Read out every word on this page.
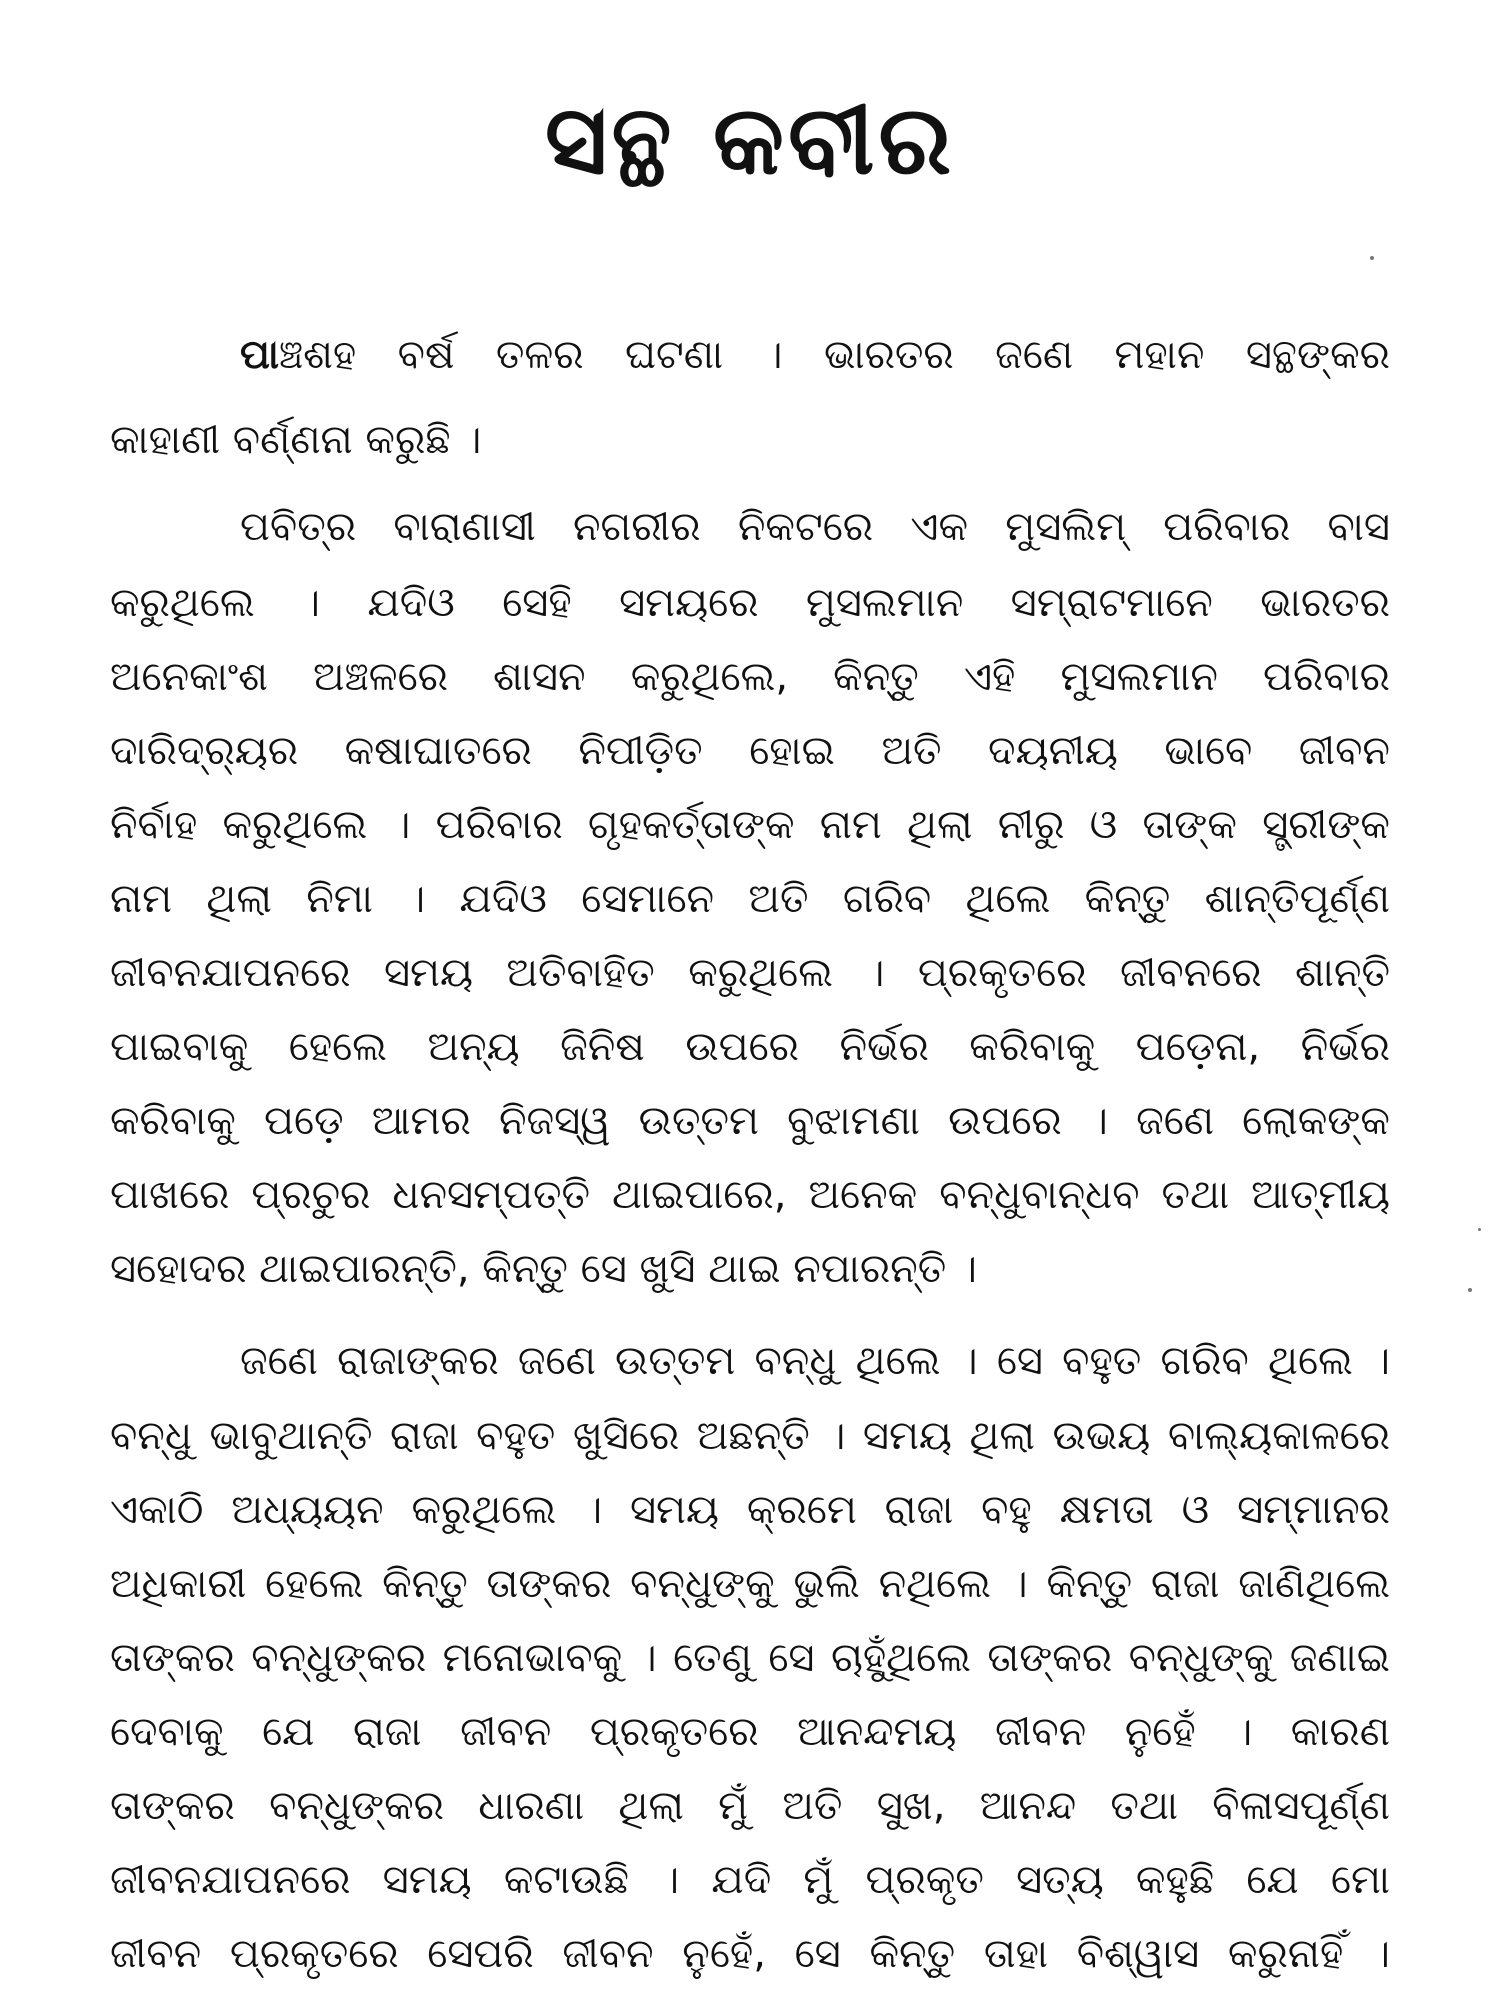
ସନ୍ଥ କବୀର
ପାଞ୍ଚଶହ ବର୍ଷ ତଳର ଘଟଣା । ଭାରତର ଜଣେ ମହାନ ସନ୍ଥଙ୍କର
କାହାଣୀ ବର୍ଣ୍ଣନା କରୁଛି ।
ପବିତ୍ର ବାରାଣାସୀ ନଗରୀର ନିକଟରେ ଏକ ମୁସଲିମ୍ ପରିବାର ବାସ
କରୁଥିଲେ । ଯଦିଓ ସେହି ସମୟରେ ମୁସଲମାନ ସମ୍ରାଟମାନେ ଭାରତର
ଅନେକାଂଶ ଅଞ୍ଚଳରେ ଶାସନ କରୁଥିଲେ, କିନ୍ତୁ ଏହି ମୁସଲମାନ ପରିବାର
ଦାରିଦ୍ର୍ୟର କଷାଘାତରେ ନିପୀଡ଼ିତ ହୋଇ ଅତି ଦୟନୀୟ ଭାବେ ଜୀବନ
ନିର୍ବାହ କରୁଥିଲେ । ପରିବାର ଗୃହକର୍ତ୍ତାଙ୍କ ନାମ ଥିଲା ନୀରୁ ଓ ତାଙ୍କ ସ୍ତ୍ରୀଙ୍କ
ନାମ ଥିଲା ନିମା । ଯଦିଓ ସେମାନେ ଅତି ଗରିବ ଥିଲେ କିନ୍ତୁ ଶାନ୍ତିପୂର୍ଣ୍ଣ
ଜୀବନଯାପନରେ ସମୟ ଅତିବାହିତ କରୁଥିଲେ । ପ୍ରକୃତରେ ଜୀବନରେ ଶାନ୍ତି
ପାଇବାକୁ ହେଲେ ଅନ୍ୟ ଜିନିଷ ଉପରେ ନିର୍ଭର କରିବାକୁ ପଡ଼େନା, ନିର୍ଭର
କରିବାକୁ ପଡ଼େ ଆମର ନିଜସ୍ୱ ଉତ୍ତମ ବୁଝାମଣା ଉପରେ । ଜଣେ ଲୋକଙ୍କ
ପାଖରେ ପ୍ରଚୁର ଧନସମ୍ପତ୍ତି ଥାଇପାରେ, ଅନେକ ବନ୍ଧୁବାନ୍ଧବ ତଥା ଆତ୍ମୀୟ
ସହୋଦର ଥାଇପାରନ୍ତି, କିନ୍ତୁ ସେ ଖୁସି ଥାଇ ନପାରନ୍ତି ।
ଜଣେ ରାଜାଙ୍କର ଜଣେ ଉତ୍ତମ ବନ୍ଧୁ ଥିଲେ । ସେ ବହୁତ ଗରିବ ଥିଲେ ।
ବନ୍ଧୁ ଭାବୁଥାନ୍ତି ରାଜା ବହୁତ ଖୁସିରେ ଅଛନ୍ତି । ସମୟ ଥିଲା ଉଭୟ ବାଲ୍ୟକାଳରେ
ଏକାଠି ଅଧ୍ୟୟନ କରୁଥିଲେ । ସମୟ କ୍ରମେ ରାଜା ବହୁ କ୍ଷମତା ଓ ସମ୍ମାନର
ଅଧିକାରୀ ହେଲେ କିନ୍ତୁ ତାଙ୍କର ବନ୍ଧୁଙ୍କୁ ଭୁଲି ନଥିଲେ । କିନ୍ତୁ ରାଜା ଜାଣିଥିଲେ
ତାଙ୍କର ବନ୍ଧୁଙ୍କର ମନୋଭାବକୁ । ତେଣୁ ସେ ଚାହୁଁଥିଲେ ତାଙ୍କର ବନ୍ଧୁଙ୍କୁ ଜଣାଇ
ଦେବାକୁ ଯେ ରାଜା ଜୀବନ ପ୍ରକୃତରେ ଆନନ୍ଦମୟ ଜୀବନ ନୁହେଁ । କାରଣ
ତାଙ୍କର ବନ୍ଧୁଙ୍କର ଧାରଣା ଥିଲା ମୁଁ ଅତି ସୁଖ, ଆନନ୍ଦ ତଥା ବିଳାସପୂର୍ଣ୍ଣ
ଜୀବନଯାପନରେ ସମୟ କଟାଉଛି । ଯଦି ମୁଁ ପ୍ରକୃତ ସତ୍ୟ କହୁଛି ଯେ ମୋ
ଜୀବନ ପ୍ରକୃତରେ ସେପରି ଜୀବନ ନୁହେଁ, ସେ କିନ୍ତୁ ତାହା ବିଶ୍ୱାସ କରୁନାହିଁ ।
